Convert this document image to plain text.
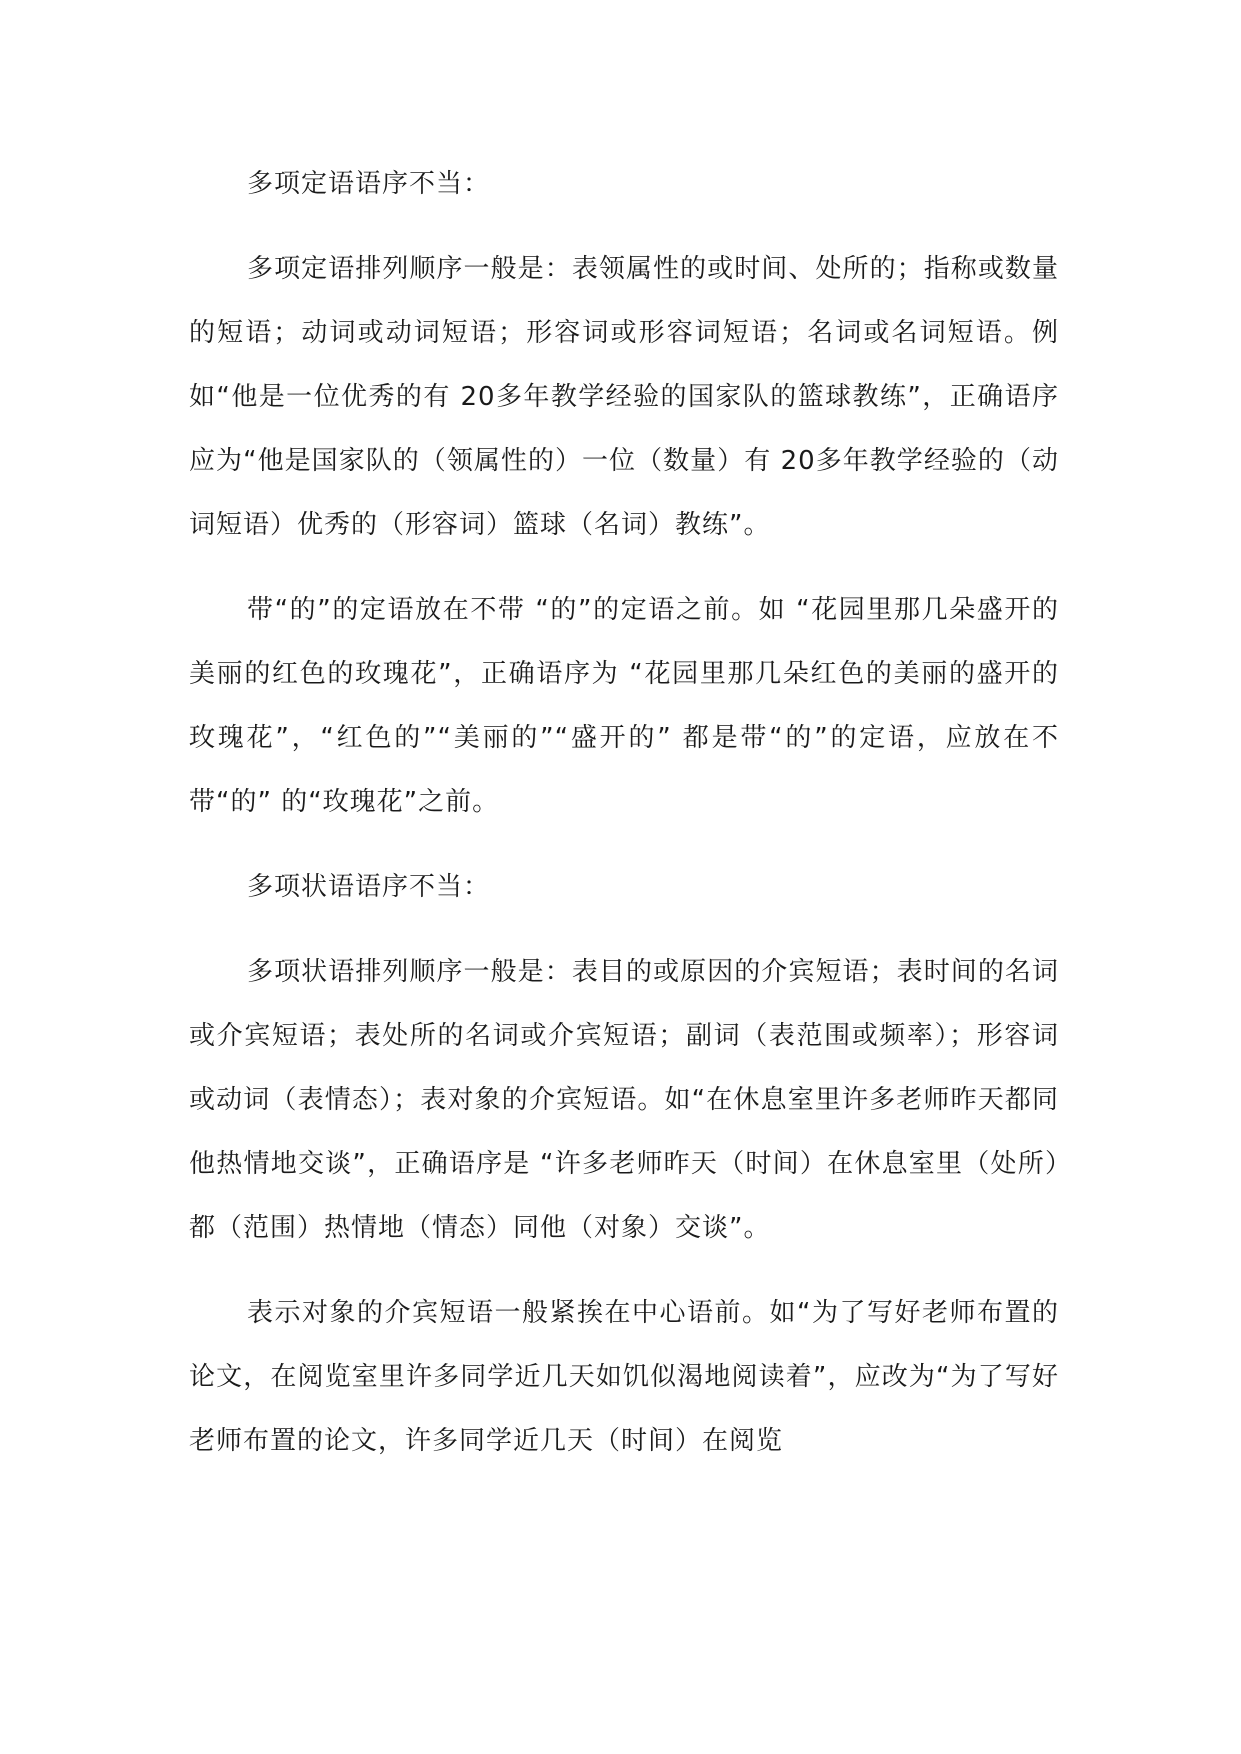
多项定语语序不当：

多项定语排列顺序一般是：表领属性的或时间、处所的；指称或数量的短语；动词或动词短语；形容词或形容词短语；名词或名词短语。例如“他是一位优秀的有 20多年教学经验的国家队的篮球教练”，正确语序应为“他是国家队的（领属性的）一位（数量）有 20多年教学经验的（动词短语）优秀的（形容词）篮球（名词）教练”。

带“的”的定语放在不带 “的”的定语之前。如 “花园里那几朵盛开的美丽的红色的玫瑰花”，正确语序为 “花园里那几朵红色的美丽的盛开的玫瑰花”，“红色的”“美丽的”“盛开的” 都是带“的”的定语，应放在不带“的” 的“玫瑰花”之前。

多项状语语序不当：

多项状语排列顺序一般是：表目的或原因的介宾短语；表时间的名词或介宾短语；表处所的名词或介宾短语；副词（表范围或频率）；形容词或动词（表情态）；表对象的介宾短语。如“在休息室里许多老师昨天都同他热情地交谈”，正确语序是 “许多老师昨天（时间）在休息室里（处所）都（范围）热情地（情态）同他（对象）交谈”。

表示对象的介宾短语一般紧挨在中心语前。如“为了写好老师布置的论文，在阅览室里许多同学近几天如饥似渴地阅读着”，应改为“为了写好老师布置的论文，许多同学近几天（时间）在阅览
